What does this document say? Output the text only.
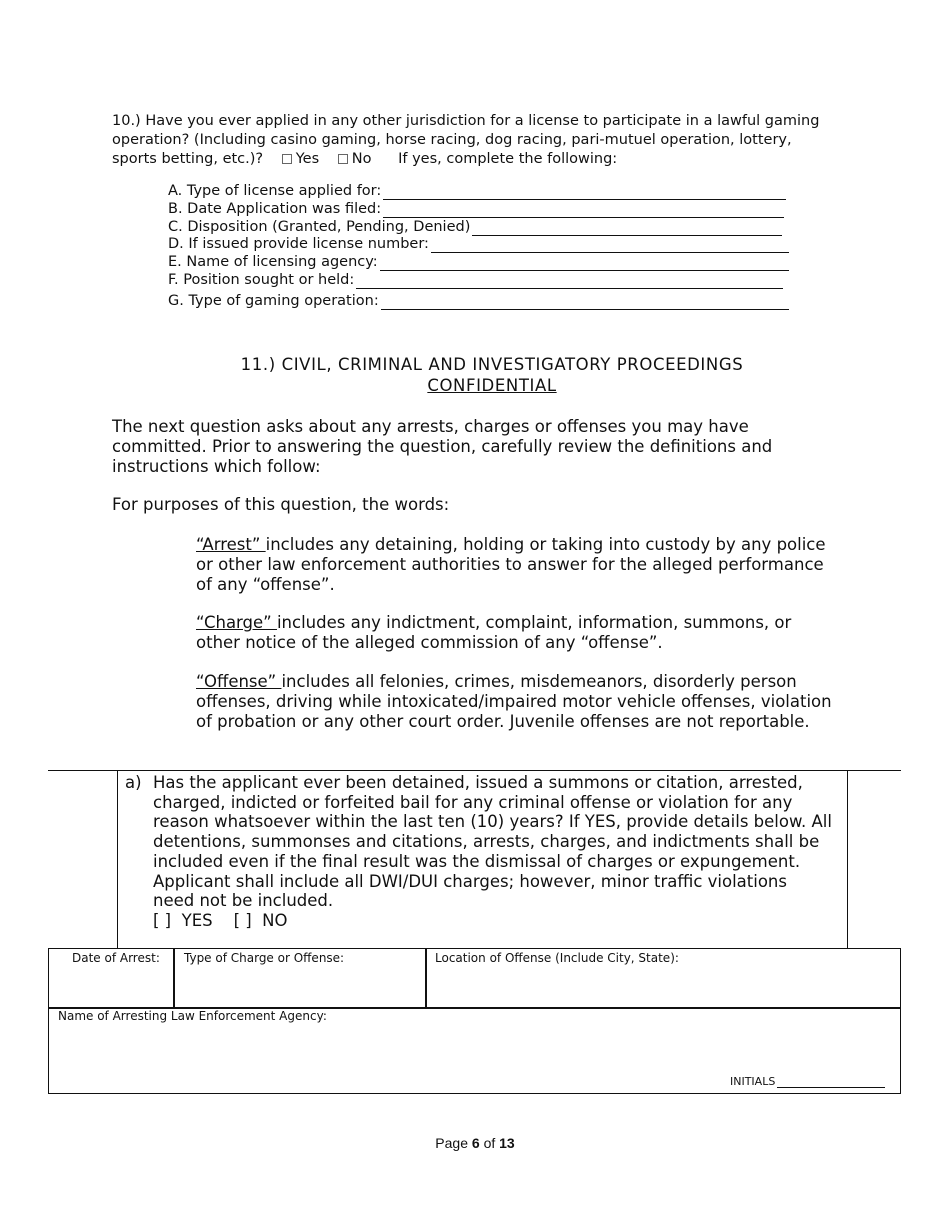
10.) Have you ever applied in any other jurisdiction for a license to participate in a lawful gaming operation? (Including casino gaming, horse racing, dog racing, pari-mutuel operation, lottery, sports betting, etc.)? Yes No If yes, complete the following:
A. Type of license applied for:
B. Date Application was filed:
C. Disposition (Granted, Pending, Denied)
D. If issued provide license number:
E. Name of licensing agency:
F. Position sought or held:
G. Type of gaming operation:
11.) CIVIL, CRIMINAL AND INVESTIGATORY PROCEEDINGS
CONFIDENTIAL
The next question asks about any arrests, charges or offenses you may have committed. Prior to answering the question, carefully review the definitions and instructions which follow:
For purposes of this question, the words:
“Arrest” includes any detaining, holding or taking into custody by any police or other law enforcement authorities to answer for the alleged performance of any “offense”.
“Charge” includes any indictment, complaint, information, summons, or other notice of the alleged commission of any “offense”.
“Offense” includes all felonies, crimes, misdemeanors, disorderly person offenses, driving while intoxicated/impaired motor vehicle offenses, violation of probation or any other court order. Juvenile offenses are not reportable.
a) Has the applicant ever been detained, issued a summons or citation, arrested, charged, indicted or forfeited bail for any criminal offense or violation for any reason whatsoever within the last ten (10) years? If YES, provide details below. All detentions, summonses and citations, arrests, charges, and indictments shall be included even if the final result was the dismissal of charges or expungement. Applicant shall include all DWI/DUI charges; however, minor traffic violations need not be included.
[ ]  YES    [ ]  NO
Date of Arrest: Type of Charge or Offense:	Location of Offense (Include City, State):
Name of Arresting Law Enforcement Agency:
INITIALS
Page 6 of 13
